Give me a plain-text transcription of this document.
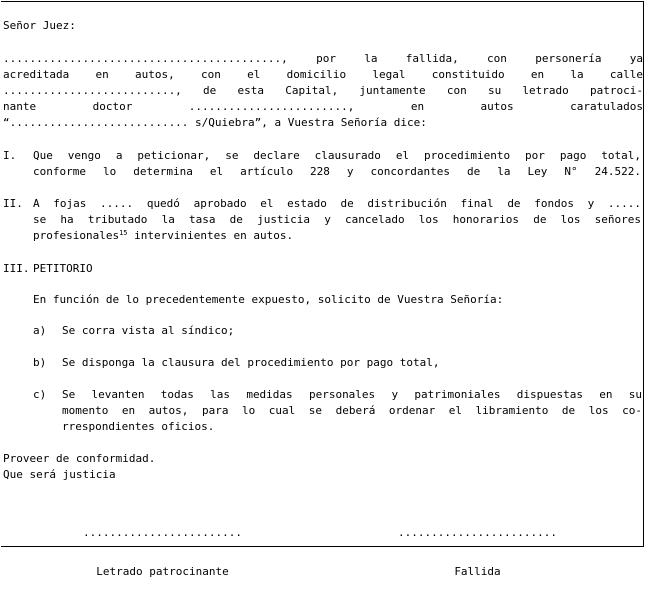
Señor Juez:
.........................................., por la fallida, con personería ya
acreditada en autos, con el domicilio legal constituido en la calle
.........................., de esta Capital, juntamente con su letrado patroci-
nante doctor ........................, en autos caratulados
“........................... s/Quiebra”, a Vuestra Señoría dice:
I. Que vengo a peticionar, se declare clausurado el procedimiento por pago total,
conforme lo determina el artículo 228 y concordantes de la Ley N° 24.522.
II. A fojas ..... quedó aprobado el estado de distribución final de fondos y .....
se ha tributado la tasa de justicia y cancelado los honorarios de los señores
profesionales$^{15}$ intervinientes en autos.
III. PETITORIO
En función de lo precedentemente expuesto, solicito de Vuestra Señoría:
a) Se corra vista al síndico;
b) Se disponga la clausura del procedimiento por pago total,
c) Se levanten todas las medidas personales y patrimoniales dispuestas en su
momento en autos, para lo cual se deberá ordenar el libramiento de los co-
rrespondientes oficios.
Proveer de conformidad.
Que será justicia

........................

Letrado patrocinante

........................

Fallida
